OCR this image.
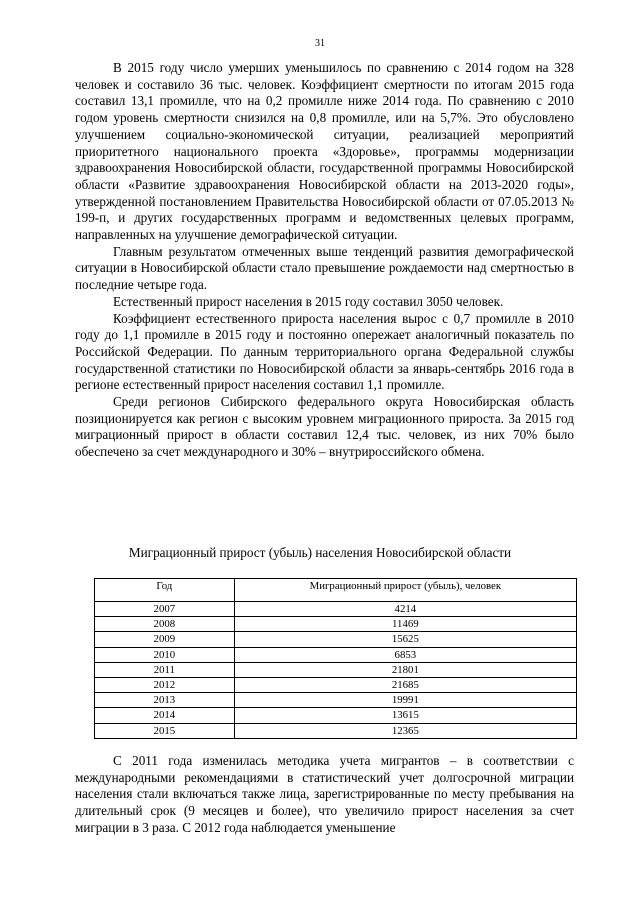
31

В 2015 году число умерших уменьшилось по сравнению с 2014 годом на 328 человек и составило 36 тыс. человек. Коэффициент смертности по итогам 2015 года составил 13,1 промилле, что на 0,2 промилле ниже 2014 года. По сравнению с 2010 годом уровень смертности снизился на 0,8 промилле, или на 5,7%. Это обусловлено улучшением социально-экономической ситуации, реализацией мероприятий приоритетного национального проекта «Здоровье», программы модернизации здравоохранения Новосибирской области, государственной программы Новосибирской области «Развитие здравоохранения Новосибирской области на 2013-2020 годы», утвержденной постановлением Правительства Новосибирской области от 07.05.2013 № 199-п, и других государственных программ и ведомственных целевых программ, направленных на улучшение демографической ситуации.

Главным результатом отмеченных выше тенденций развития демографической ситуации в Новосибирской области стало превышение рождаемости над смертностью в последние четыре года.

Естественный прирост населения в 2015 году составил 3050 человек.

Коэффициент естественного прироста населения вырос с 0,7 промилле в 2010 году до 1,1 промилле в 2015 году и постоянно опережает аналогичный показатель по Российской Федерации. По данным территориального органа Федеральной службы государственной статистики по Новосибирской области за январь-сентябрь 2016 года в регионе естественный прирост населения составил 1,1 промилле.

Среди регионов Сибирского федерального округа Новосибирская область позиционируется как регион с высоким уровнем миграционного прироста. За 2015 год миграционный прирост в области составил 12,4 тыс. человек, из них 70% было обеспечено за счет международного и 30% – внутрироссийского обмена.

Миграционный прирост (убыль) населения Новосибирской области
Год	Миграционный прирост (убыль), человек
2007	4214
2008	11469
2009	15625
2010	6853
2011	21801
2012	21685
2013	19991
2014	13615
2015	12365

С 2011 года изменилась методика учета мигрантов – в соответствии с международными рекомендациями в статистический учет долгосрочной миграции населения стали включаться также лица, зарегистрированные по месту пребывания на длительный срок (9 месяцев и более), что увеличило прирост населения за счет миграции в 3 раза. С 2012 года наблюдается уменьшение
